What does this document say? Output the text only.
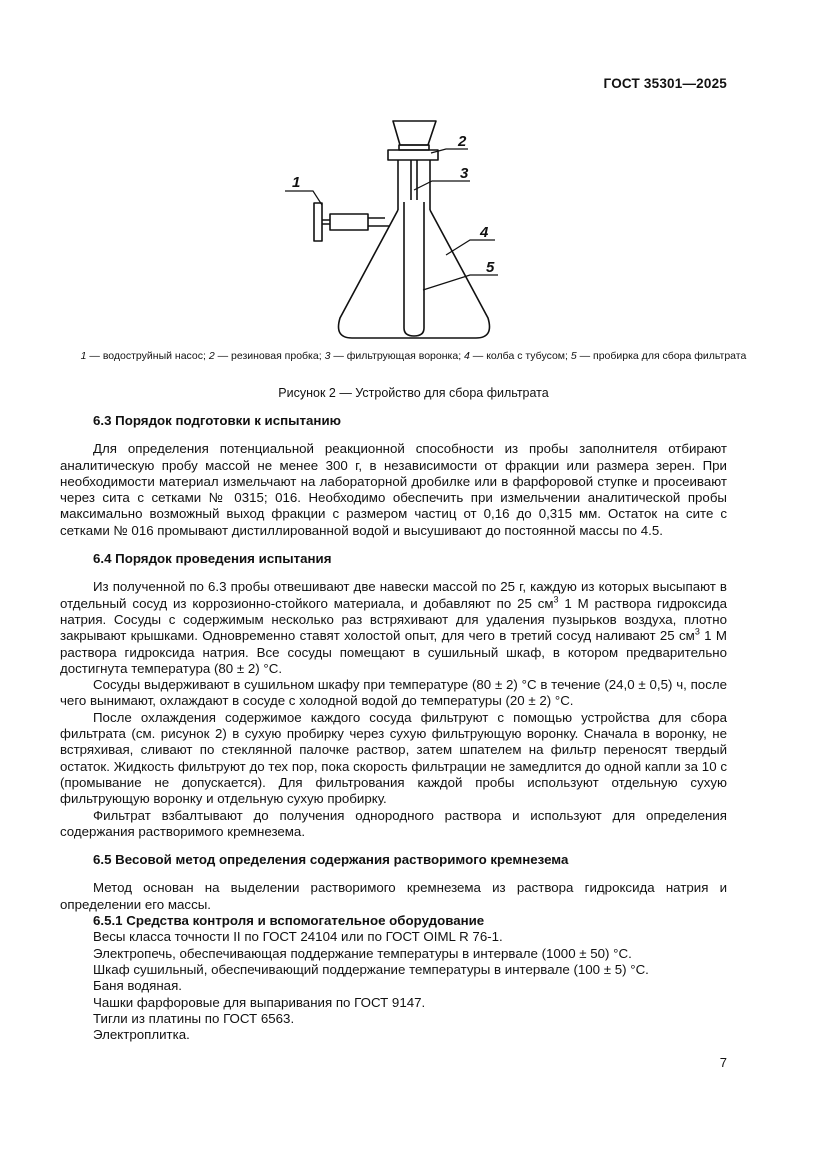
ГОСТ 35301—2025
1
2
3
4
5
1 — водоструйный насос; 2 — резиновая пробка; 3 — фильтрующая воронка; 4 — колба с тубусом; 5 — пробирка для сбора фильтрата
Рисунок 2 — Устройство для сбора фильтрата

6.3 Порядок подготовки к испытанию

Для определения потенциальной реакционной способности из пробы заполнителя отбирают аналитическую пробу массой не менее 300 г, в независимости от фракции или размера зерен. При необходимости материал измельчают на лабораторной дробилке или в фарфоровой ступке и просеивают через сита с сетками № 0315; 016. Необходимо обеспечить при измельчении аналитической пробы максимально возможный выход фракции с размером частиц от 0,16 до 0,315 мм. Остаток на сите с сетками № 016 промывают дистиллированной водой и высушивают до постоянной массы по 4.5.

6.4 Порядок проведения испытания

Из полученной по 6.3 пробы отвешивают две навески массой по 25 г, каждую из которых высыпают в отдельный сосуд из коррозионно-стойкого материала, и добавляют по 25 $см^3$ 1 М раствора гидроксида натрия. Сосуды с содержимым несколько раз встряхивают для удаления пузырьков воздуха, плотно закрывают крышками. Одновременно ставят холостой опыт, для чего в третий сосуд наливают 25 $см^3$ 1 М раствора гидроксида натрия. Все сосуды помещают в сушильный шкаф, в котором предварительно достигнута температура (80 ± 2) °С.

Сосуды выдерживают в сушильном шкафу при температуре (80 ± 2) °С в течение (24,0 ± 0,5) ч, после чего вынимают, охлаждают в сосуде с холодной водой до температуры (20 ± 2) °С.

После охлаждения содержимое каждого сосуда фильтруют с помощью устройства для сбора фильтрата (см. рисунок 2) в сухую пробирку через сухую фильтрующую воронку. Сначала в воронку, не встряхивая, сливают по стеклянной палочке раствор, затем шпателем на фильтр переносят твердый остаток. Жидкость фильтруют до тех пор, пока скорость фильтрации не замедлится до одной капли за 10 с (промывание не допускается). Для фильтрования каждой пробы используют отдельную сухую фильтрующую воронку и отдельную сухую пробирку.

Фильтрат взбалтывают до получения однородного раствора и используют для определения содержания растворимого кремнезема.

6.5 Весовой метод определения содержания растворимого кремнезема

Метод основан на выделении растворимого кремнезема из раствора гидроксида натрия и определении его массы.

6.5.1 Средства контроля и вспомогательное оборудование

Весы класса точности II по ГОСТ 24104 или по ГОСТ OIML R 76-1.

Электропечь, обеспечивающая поддержание температуры в интервале (1000 ± 50) °С.

Шкаф сушильный, обеспечивающий поддержание температуры в интервале (100 ± 5) °С.

Баня водяная.

Чашки фарфоровые для выпаривания по ГОСТ 9147.

Тигли из платины по ГОСТ 6563.

Электроплитка.

7
